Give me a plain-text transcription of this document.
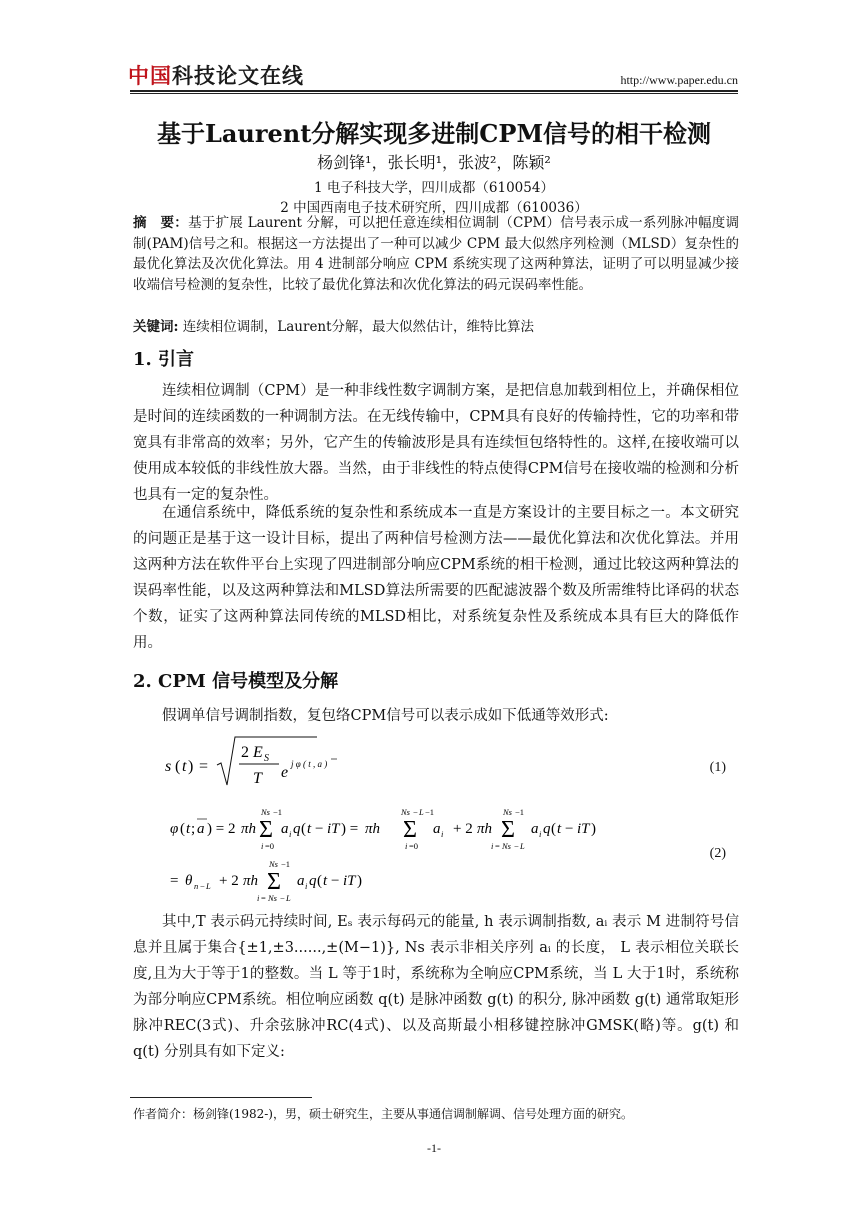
中国科技论文在线	http://www.paper.edu.cn
基于Laurent分解实现多进制CPM信号的相干检测
杨剑锋¹，张长明¹，张波²，陈颖²
1 电子科技大学，四川成都（610054）
2 中国西南电子技术研究所，四川成都（610036）
摘　要：基于扩展 Laurent 分解，可以把任意连续相位调制（CPM）信号表示成一系列脉冲幅度调制(PAM)信号之和。根据这一方法提出了一种可以减少 CPM 最大似然序列检测（MLSD）复杂性的最优化算法及次优化算法。用 4 进制部分响应 CPM 系统实现了这两种算法，证明了可以明显减少接收端信号检测的复杂性，比较了最优化算法和次优化算法的码元误码率性能。
关键词: 连续相位调制，Laurent分解，最大似然估计，维特比算法
1. 引言
连续相位调制（CPM）是一种非线性数字调制方案，是把信息加载到相位上，并确保相位是时间的连续函数的一种调制方法。在无线传输中，CPM具有良好的传输持性，它的功率和带宽具有非常高的效率；另外，它产生的传输波形是具有连续恒包络特性的。这样,在接收端可以使用成本较低的非线性放大器。当然，由于非线性的特点使得CPM信号在接收端的检测和分析也具有一定的复杂性。
在通信系统中，降低系统的复杂性和系统成本一直是方案设计的主要目标之一。本文研究的问题正是基于这一设计目标，提出了两种信号检测方法——最优化算法和次优化算法。并用这两种方法在软件平台上实现了四进制部分响应CPM系统的相干检测，通过比较这两种算法的误码率性能，以及这两种算法和MLSD算法所需要的匹配滤波器个数及所需维特比译码的状态个数，证实了这两种算法同传统的MLSD相比，对系统复杂性及系统成本具有巨大的降低作用。
2. CPM 信号模型及分解
假调单信号调制指数，复包络CPM信号可以表示成如下低通等效形式:
s ( t ) =
2 E S
T e j φ ( t , a )	(1)
φ ( t ; a ) = 2 πh
Ns −1
Σ
i =0
a i q ( t − iT ) = πh
Ns − L −1
Σ
i =0
a i + 2 πh
Ns −1
Σ
i = Ns − L
a i q ( t − iT )
= θ n − L + 2 πh
Ns −1
Σ
i = Ns − L
a i q ( t − iT )
(2)
其中,T 表示码元持续时间, Eₛ 表示每码元的能量, h 表示调制指数, aᵢ 表示 M 进制符号信息并且属于集合{±1,±3......,±(M−1)}, Ns 表示非相关序列 aᵢ 的长度， L 表示相位关联长度,且为大于等于1的整数。当 L 等于1时，系统称为全响应CPM系统，当 L 大于1时，系统称为部分响应CPM系统。相位响应函数 q(t) 是脉冲函数 g(t) 的积分, 脉冲函数 g(t) 通常取矩形脉冲REC(3式)、升余弦脉冲RC(4式)、以及高斯最小相移键控脉冲GMSK(略)等。g(t) 和 q(t) 分别具有如下定义:
作者简介：杨剑锋(1982-)，男，硕士研究生，主要从事通信调制解调、信号处理方面的研究。
-1-
